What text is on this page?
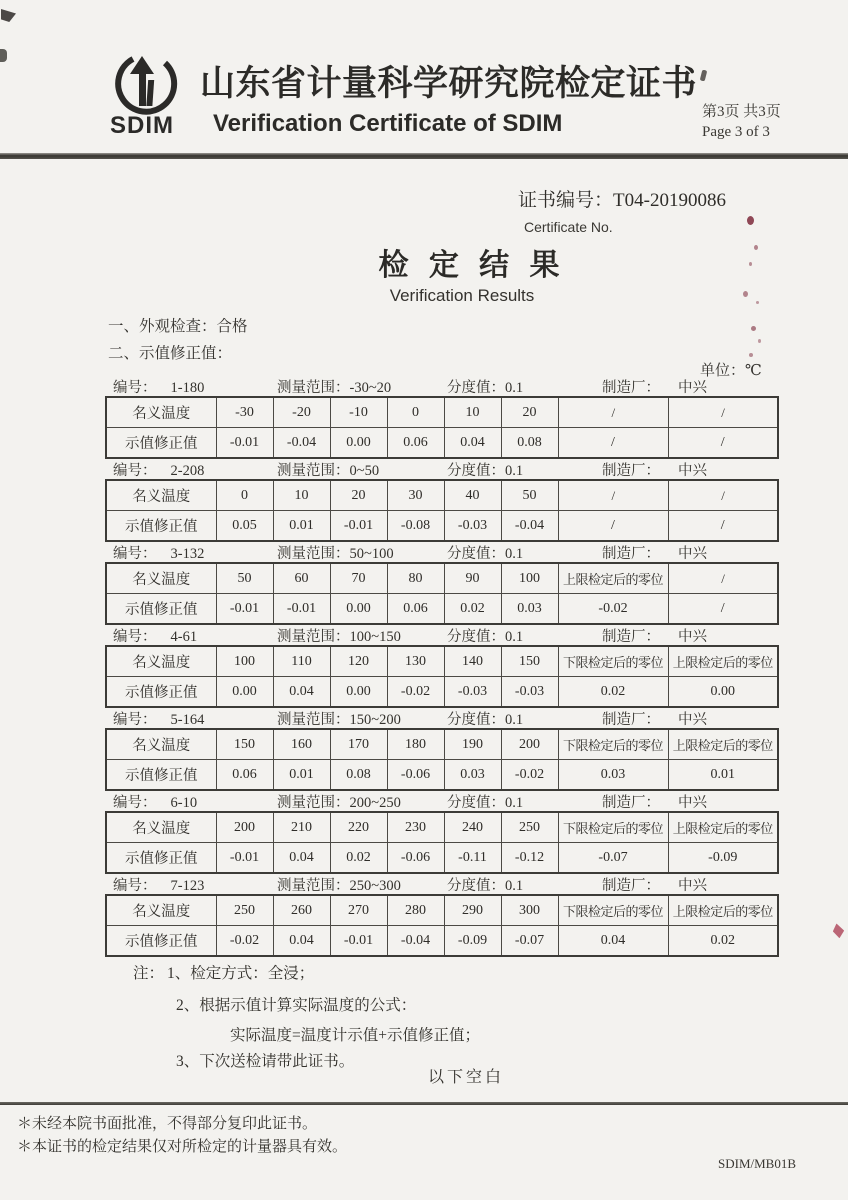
SDIM
山东省计量科学研究院检定证书
Verification Certificate of SDIM	第3页 共3页
Page 3 of 3
证书编号：T04-20190086
Certificate No.
检 定 结 果
Verification Results
一、外观检查：合格
二、示值修正值：
单位：℃
编号： 1-180	测量范围：-30~20	分度值：0.1	制造厂： 中兴
名义温度	-30	-20	-10	0	10	20	/	/
示值修正值	-0.01	-0.04	0.00	0.06	0.04	0.08	/	/
编号： 2-208	测量范围：0~50	分度值：0.1	制造厂： 中兴
名义温度	0	10	20	30	40	50	/	/
示值修正值	0.05	0.01	-0.01	-0.08	-0.03	-0.04	/	/
编号： 3-132	测量范围：50~100	分度值：0.1	制造厂： 中兴
名义温度	50	60	70	80	90	100	上限检定后的零位	/
示值修正值	-0.01	-0.01	0.00	0.06	0.02	0.03	-0.02	/
编号： 4-61	测量范围：100~150	分度值：0.1	制造厂： 中兴
名义温度	100	110	120	130	140	150	下限检定后的零位	上限检定后的零位
示值修正值	0.00	0.04	0.00	-0.02	-0.03	-0.03	0.02	0.00
编号： 5-164	测量范围：150~200	分度值：0.1	制造厂： 中兴
名义温度	150	160	170	180	190	200	下限检定后的零位	上限检定后的零位
示值修正值	0.06	0.01	0.08	-0.06	0.03	-0.02	0.03	0.01
编号： 6-10	测量范围：200~250	分度值：0.1	制造厂： 中兴
名义温度	200	210	220	230	240	250	下限检定后的零位	上限检定后的零位
示值修正值	-0.01	0.04	0.02	-0.06	-0.11	-0.12	-0.07	-0.09
编号： 7-123	测量范围：250~300	分度值：0.1	制造厂： 中兴
名义温度	250	260	270	280	290	300	下限检定后的零位	上限检定后的零位
示值修正值	-0.02	0.04	-0.01	-0.04	-0.09	-0.07	0.04	0.02
注： 1、检定方式：全浸；
2、根据示值计算实际温度的公式：
实际温度=温度计示值+示值修正值；
3、下次送检请带此证书。
以下空白
＊未经本院书面批准，不得部分复印此证书。
＊本证书的检定结果仅对所检定的计量器具有效。
SDIM/MB01B
